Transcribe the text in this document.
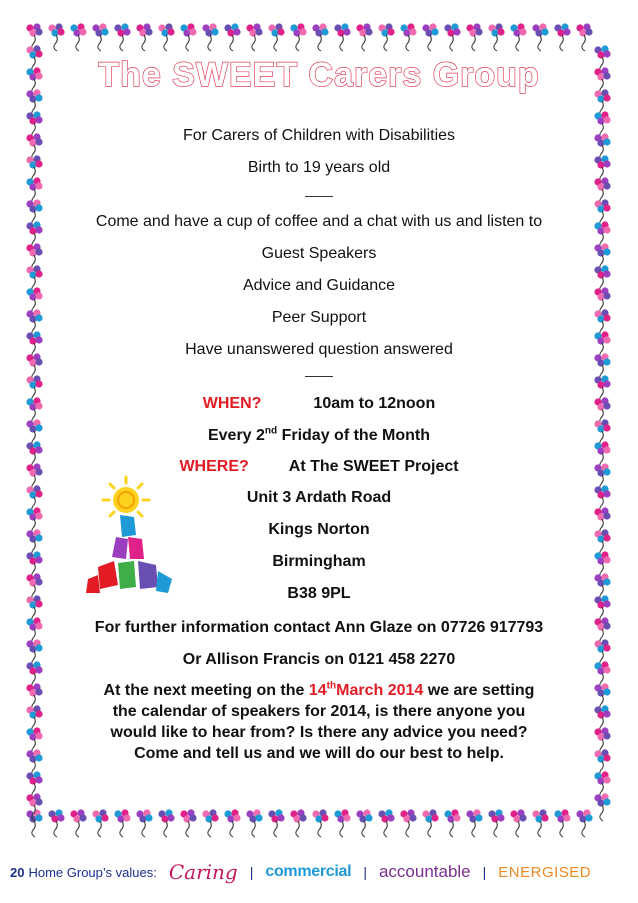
The SWEET Carers Group
For Carers of Children with Disabilities
Birth to 19 years old
Come and have a cup of coffee and a chat with us and listen to
Guest Speakers
Advice and Guidance
Peer Support
Have unanswered question answered
WHEN?	10am to 12noon
Every 2nd Friday of the Month
WHERE?	At The SWEET Project
Unit 3 Ardath Road
Kings Norton
Birmingham
B38 9PL
For further information contact Ann Glaze on 07726 917793
Or Allison Francis on 0121 458 2270
At the next meeting on the 14thMarch 2014 we are setting
the calendar of speakers for 2014, is there anyone you
would like to hear from? Is there any advice you need?
Come and tell us and we will do our best to help.
20 Home Group’s values: Caring | commercial | accountable | ENERGISED
